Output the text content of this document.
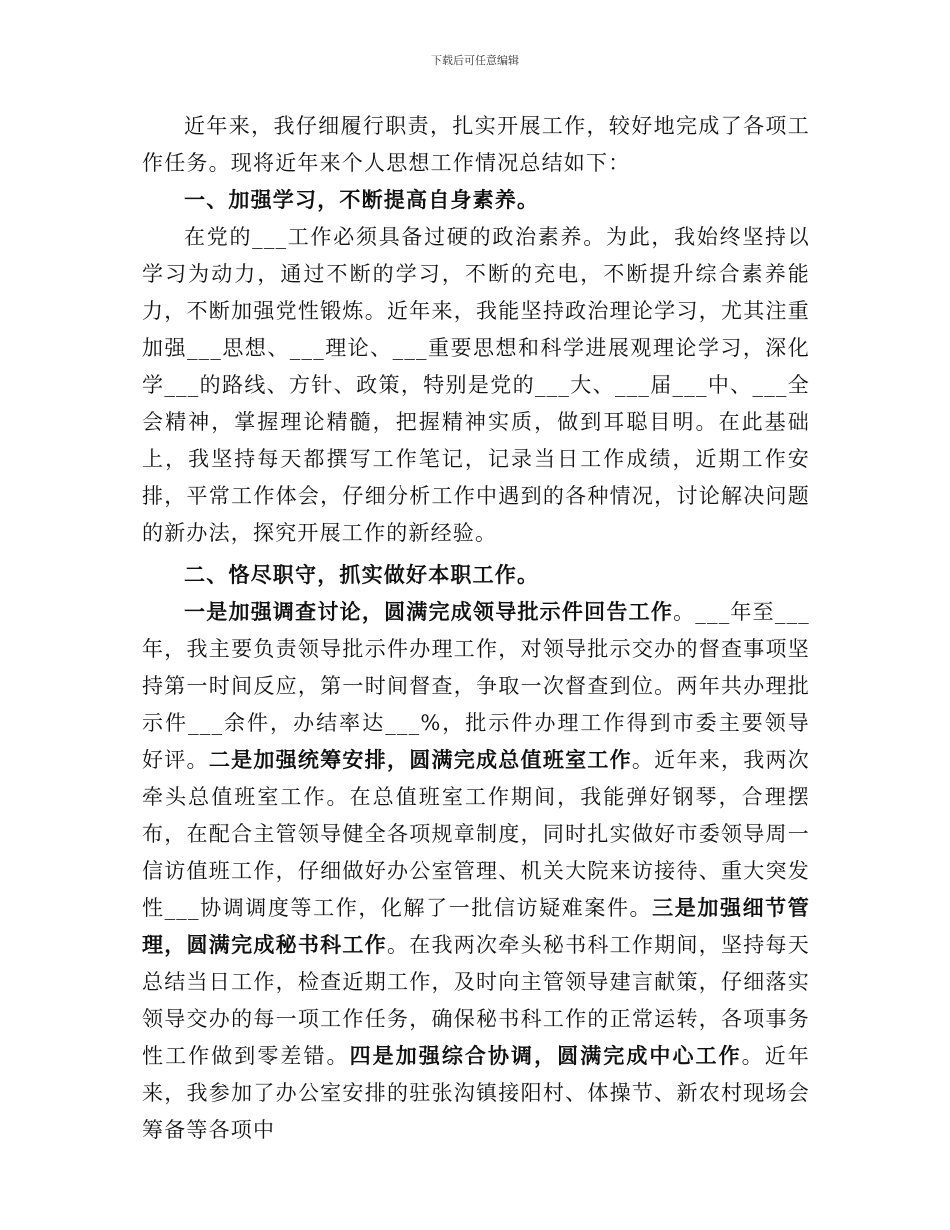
下载后可任意编辑

近年来，我仔细履行职责，扎实开展工作，较好地完成了各项工作任务。现将近年来个人思想工作情况总结如下：

一、加强学习，不断提高自身素养。

在党的___工作必须具备过硬的政治素养。为此，我始终坚持以学习为动力，通过不断的学习，不断的充电，不断提升综合素养能力，不断加强党性锻炼。近年来，我能坚持政治理论学习，尤其注重加强___思想、___理论、___重要思想和科学进展观理论学习，深化学___的路线、方针、政策，特别是党的___大、___届___中、___全会精神，掌握理论精髓，把握精神实质，做到耳聪目明。在此基础上，我坚持每天都撰写工作笔记，记录当日工作成绩，近期工作安排，平常工作体会，仔细分析工作中遇到的各种情况，讨论解决问题的新办法，探究开展工作的新经验。

二、恪尽职守，抓实做好本职工作。

一是加强调查讨论，圆满完成领导批示件回告工作。___年至___年，我主要负责领导批示件办理工作，对领导批示交办的督查事项坚持第一时间反应，第一时间督查，争取一次督查到位。两年共办理批示件___余件，办结率达___%，批示件办理工作得到市委主要领导好评。二是加强统筹安排，圆满完成总值班室工作。近年来，我两次牵头总值班室工作。在总值班室工作期间，我能弹好钢琴，合理摆布，在配合主管领导健全各项规章制度，同时扎实做好市委领导周一信访值班工作，仔细做好办公室管理、机关大院来访接待、重大突发性___协调调度等工作，化解了一批信访疑难案件。三是加强细节管理，圆满完成秘书科工作。在我两次牵头秘书科工作期间，坚持每天总结当日工作，检查近期工作，及时向主管领导建言献策，仔细落实领导交办的每一项工作任务，确保秘书科工作的正常运转，各项事务性工作做到零差错。四是加强综合协调，圆满完成中心工作。近年来，我参加了办公室安排的驻张沟镇接阳村、体操节、新农村现场会筹备等各项中
